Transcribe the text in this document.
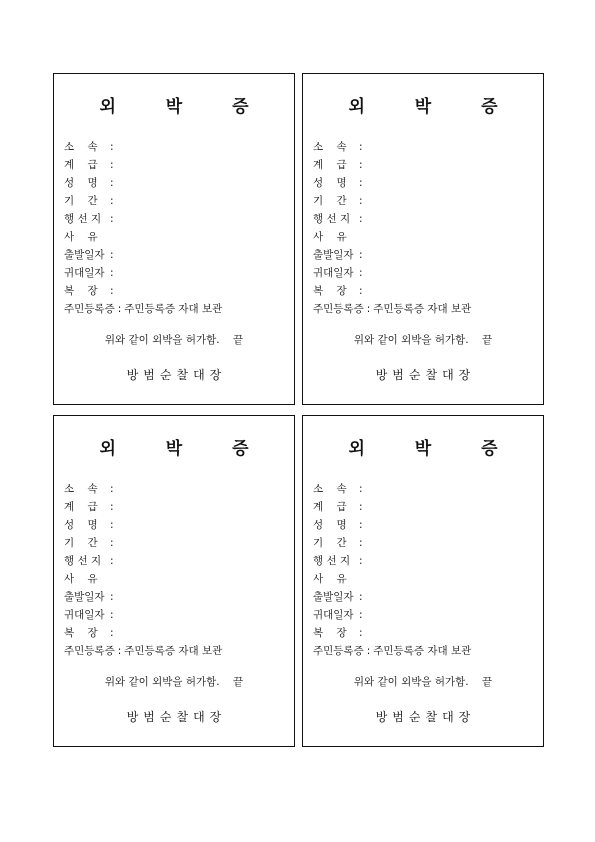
외 박 증
소    속 :
계    급 :
성    명 :
기    간 :
행 선 지 :
사    유
출발일자 :
귀대일자 :
복    장 :
주민등록증 : 주민등록증 자대 보관
위와 같이 외박을 허가함.    끝
방범순찰대장
외 박 증
소    속 :
계    급 :
성    명 :
기    간 :
행 선 지 :
사    유
출발일자 :
귀대일자 :
복    장 :
주민등록증 : 주민등록증 자대 보관
위와 같이 외박을 허가함.    끝
방범순찰대장
외 박 증
소    속 :
계    급 :
성    명 :
기    간 :
행 선 지 :
사    유
출발일자 :
귀대일자 :
복    장 :
주민등록증 : 주민등록증 자대 보관
위와 같이 외박을 허가함.    끝
방범순찰대장
외 박 증
소    속 :
계    급 :
성    명 :
기    간 :
행 선 지 :
사    유
출발일자 :
귀대일자 :
복    장 :
주민등록증 : 주민등록증 자대 보관
위와 같이 외박을 허가함.    끝
방범순찰대장
